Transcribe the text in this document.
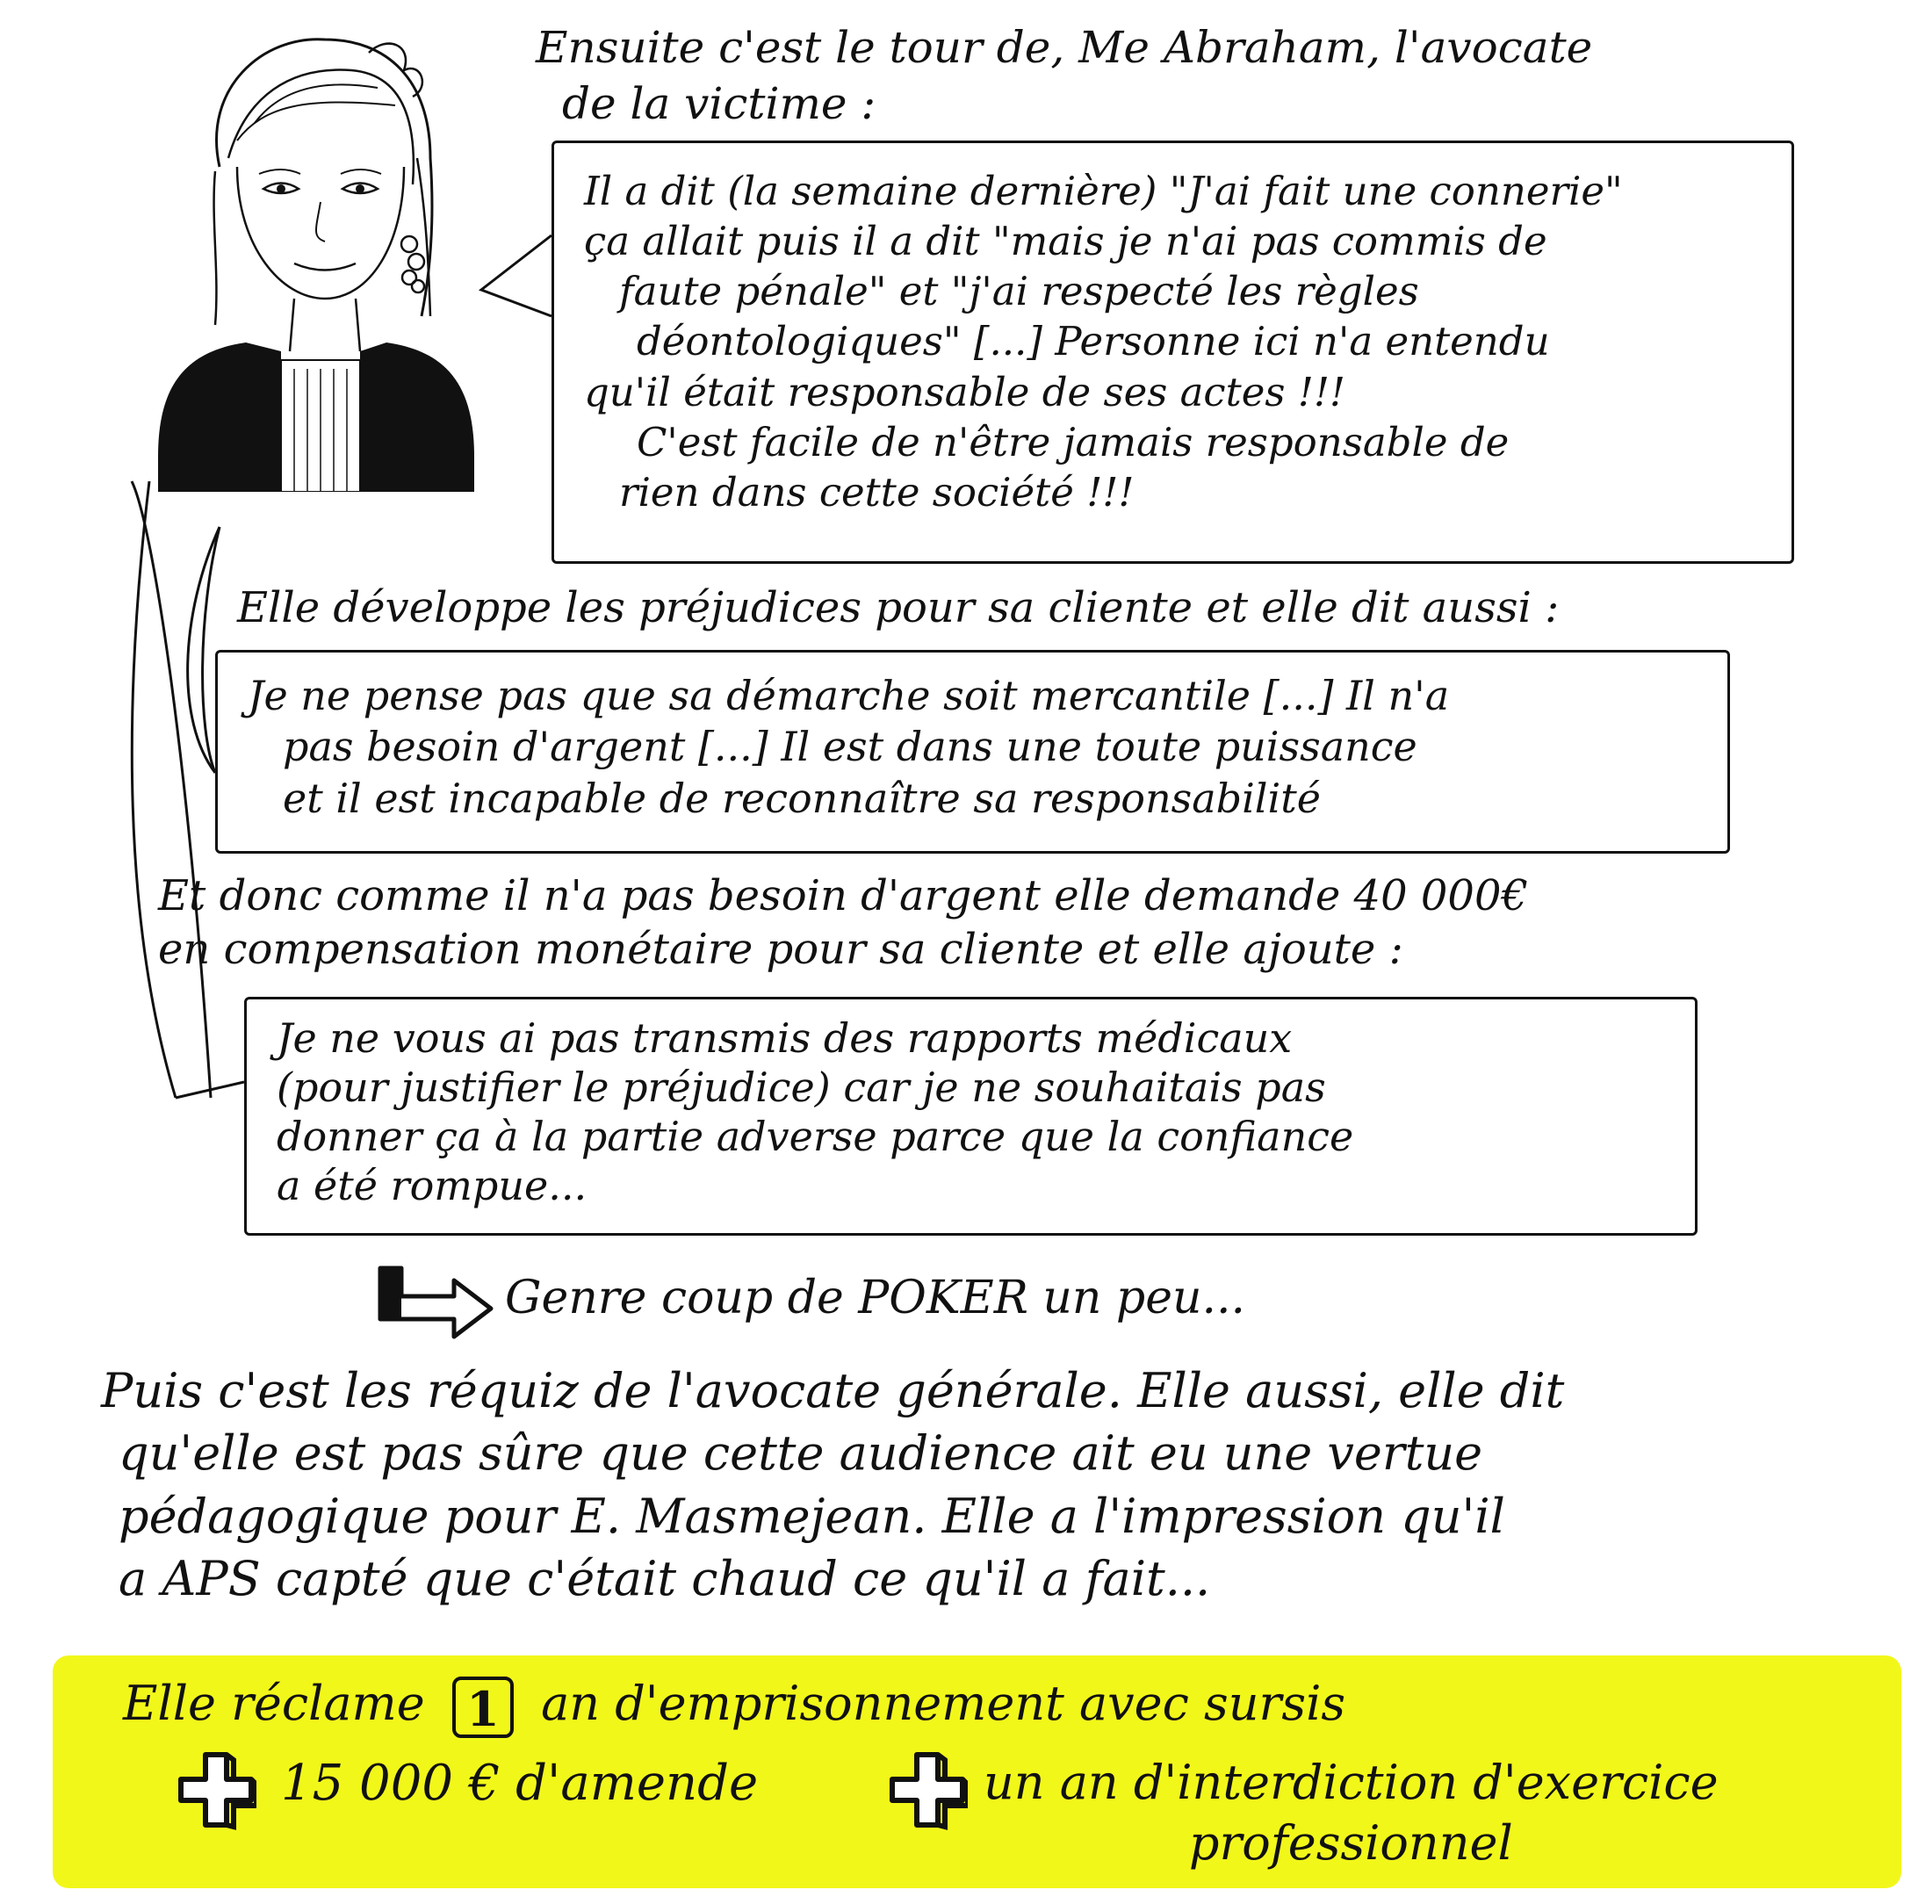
Ensuite c'est le tour de, Me Abraham, l'avocate
de la victime :
Il a dit (la semaine dernière) "J'ai fait une connerie"
ça allait puis il a dit "mais je n'ai pas commis de
faute pénale" et "j'ai respecté les règles
déontologiques" [...] Personne ici n'a entendu
qu'il était responsable de ses actes !!!
C'est facile de n'être jamais responsable de
rien dans cette société !!!
Elle développe les préjudices pour sa cliente et elle dit aussi :
Je ne pense pas que sa démarche soit mercantile [...] Il n'a
pas besoin d'argent [...] Il est dans une toute puissance
et il est incapable de reconnaître sa responsabilité
Et donc comme il n'a pas besoin d'argent elle demande 40 000€
en compensation monétaire pour sa cliente et elle ajoute :
Je ne vous ai pas transmis des rapports médicaux
(pour justifier le préjudice) car je ne souhaitais pas
donner ça à la partie adverse parce que la confiance
a été rompue...
Genre coup de POKER un peu...
Puis c'est les réquiz de l'avocate générale. Elle aussi, elle dit
qu'elle est pas sûre que cette audience ait eu une vertue
pédagogique pour E. Masmejean. Elle a l'impression qu'il
a APS capté que c'était chaud ce qu'il a fait...
Elle réclame 1 an d'emprisonnement avec sursis
15 000 € d'amende	un an d'interdiction d'exercice
professionnel
